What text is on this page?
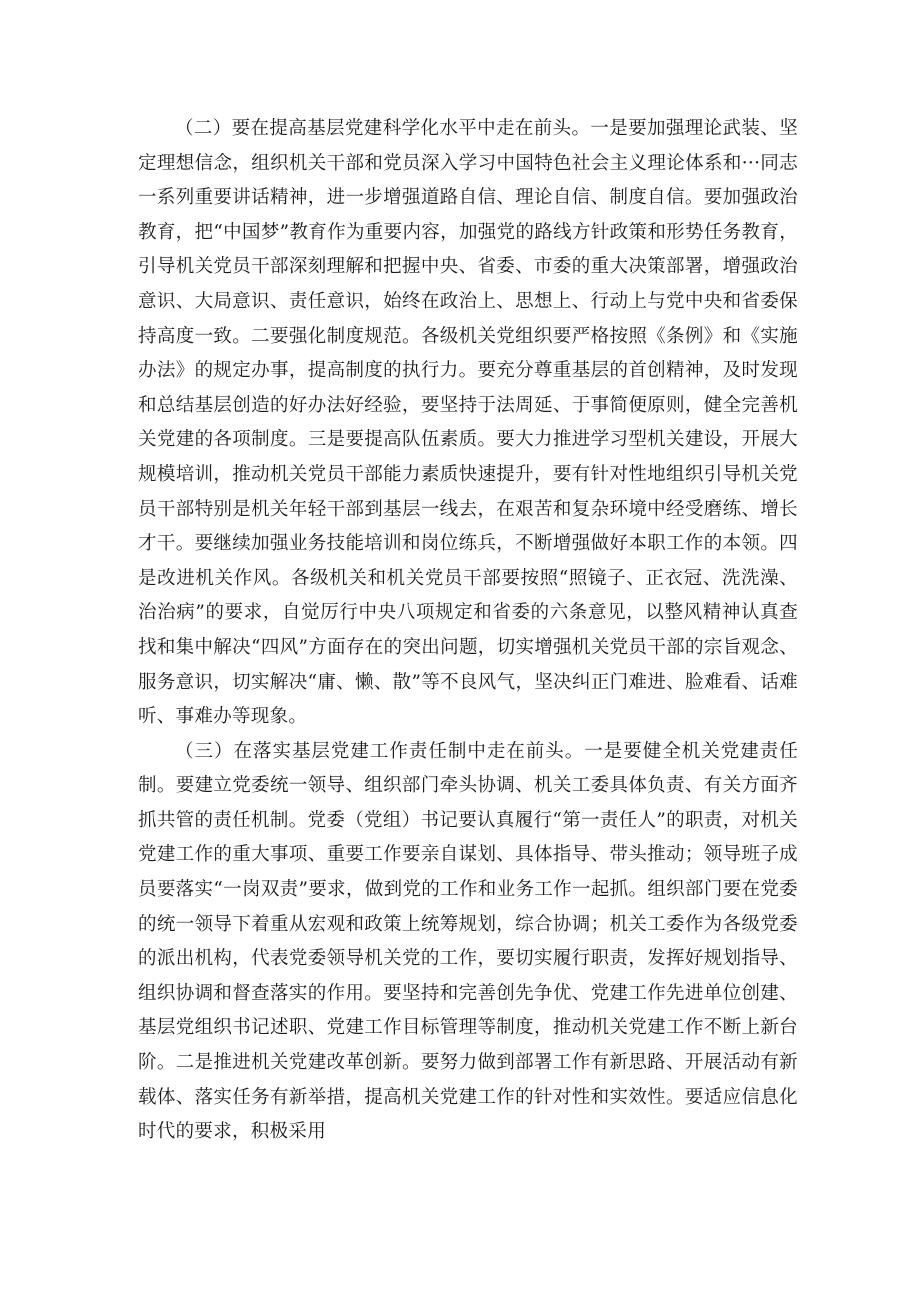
（二）要在提高基层党建科学化水平中走在前头。一是要加强理论武装、坚定理想信念，组织机关干部和党员深入学习中国特色社会主义理论体系和···同志一系列重要讲话精神，进一步增强道路自信、理论自信、制度自信。要加强政治教育，把“中国梦”教育作为重要内容，加强党的路线方针政策和形势任务教育，引导机关党员干部深刻理解和把握中央、省委、市委的重大决策部署，增强政治意识、大局意识、责任意识，始终在政治上、思想上、行动上与党中央和省委保持高度一致。二要强化制度规范。各级机关党组织要严格按照《条例》和《实施办法》的规定办事，提高制度的执行力。要充分尊重基层的首创精神，及时发现和总结基层创造的好办法好经验，要坚持于法周延、于事简便原则，健全完善机关党建的各项制度。三是要提高队伍素质。要大力推进学习型机关建设，开展大规模培训，推动机关党员干部能力素质快速提升，要有针对性地组织引导机关党员干部特别是机关年轻干部到基层一线去，在艰苦和复杂环境中经受磨练、增长才干。要继续加强业务技能培训和岗位练兵，不断增强做好本职工作的本领。四是改进机关作风。各级机关和机关党员干部要按照“照镜子、正衣冠、洗洗澡、治治病”的要求，自觉厉行中央八项规定和省委的六条意见，以整风精神认真查找和集中解决“四风”方面存在的突出问题，切实增强机关党员干部的宗旨观念、服务意识，切实解决“庸、懒、散”等不良风气，坚决纠正门难进、脸难看、话难听、事难办等现象。

（三）在落实基层党建工作责任制中走在前头。一是要健全机关党建责任制。要建立党委统一领导、组织部门牵头协调、机关工委具体负责、有关方面齐抓共管的责任机制。党委（党组）书记要认真履行“第一责任人”的职责，对机关党建工作的重大事项、重要工作要亲自谋划、具体指导、带头推动；领导班子成员要落实“一岗双责”要求，做到党的工作和业务工作一起抓。组织部门要在党委的统一领导下着重从宏观和政策上统筹规划，综合协调；机关工委作为各级党委的派出机构，代表党委领导机关党的工作，要切实履行职责，发挥好规划指导、组织协调和督查落实的作用。要坚持和完善创先争优、党建工作先进单位创建、基层党组织书记述职、党建工作目标管理等制度，推动机关党建工作不断上新台阶。二是推进机关党建改革创新。要努力做到部署工作有新思路、开展活动有新载体、落实任务有新举措，提高机关党建工作的针对性和实效性。要适应信息化时代的要求，积极采用
